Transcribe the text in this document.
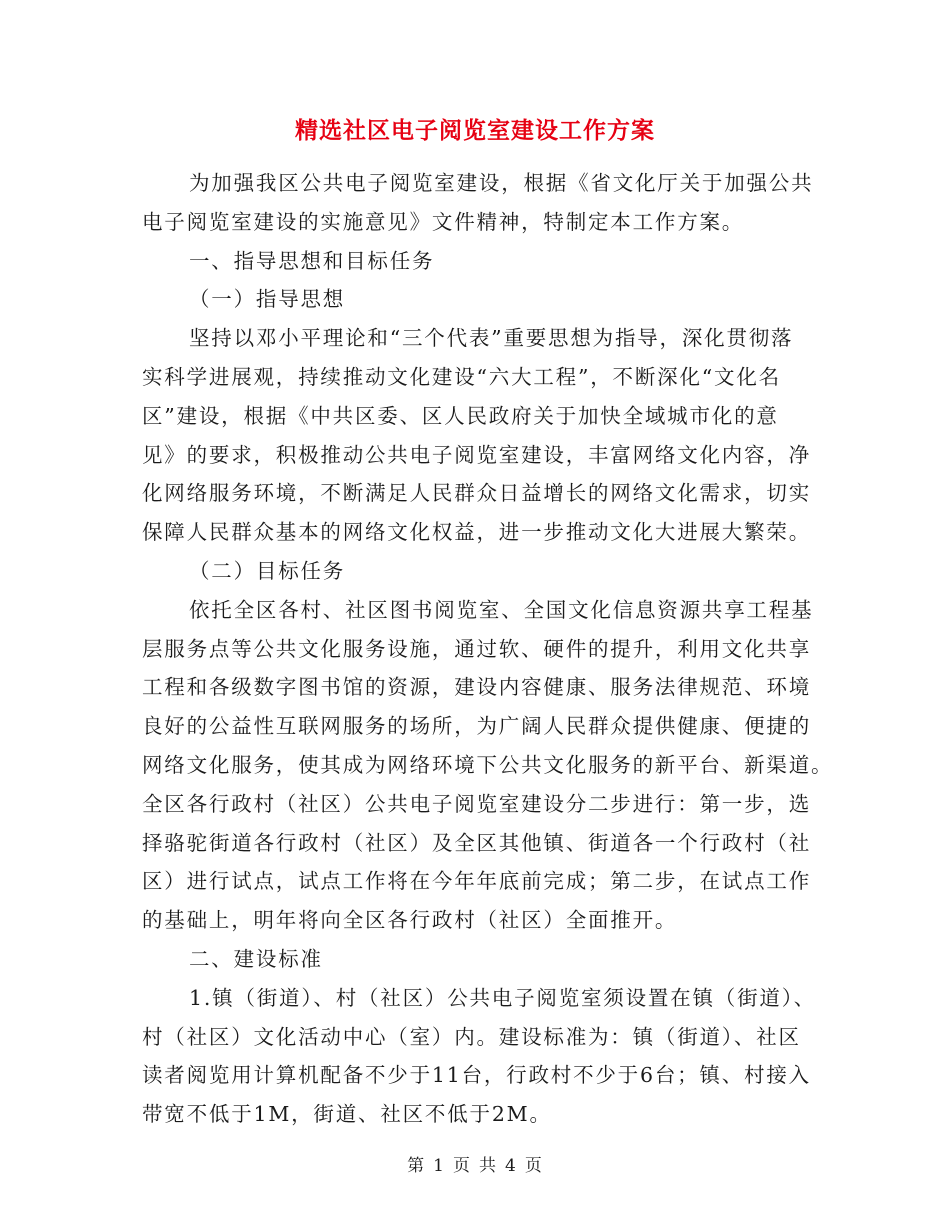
精选社区电子阅览室建设工作方案
为加强我区公共电子阅览室建设，根据《省文化厅关于加强公共
电子阅览室建设的实施意见》文件精神，特制定本工作方案。
一、指导思想和目标任务
（一）指导思想
坚持以邓小平理论和“三个代表”重要思想为指导，深化贯彻落
实科学进展观，持续推动文化建设“六大工程”，不断深化“文化名
区”建设，根据《中共区委、区人民政府关于加快全域城市化的意
见》的要求，积极推动公共电子阅览室建设，丰富网络文化内容，净
化网络服务环境，不断满足人民群众日益增长的网络文化需求，切实
保障人民群众基本的网络文化权益，进一步推动文化大进展大繁荣。
（二）目标任务
依托全区各村、社区图书阅览室、全国文化信息资源共享工程基
层服务点等公共文化服务设施，通过软、硬件的提升，利用文化共享
工程和各级数字图书馆的资源，建设内容健康、服务法律规范、环境
良好的公益性互联网服务的场所，为广阔人民群众提供健康、便捷的
网络文化服务，使其成为网络环境下公共文化服务的新平台、新渠道。
全区各行政村（社区）公共电子阅览室建设分二步进行：第一步，选
择骆驼街道各行政村（社区）及全区其他镇、街道各一个行政村（社
区）进行试点，试点工作将在今年年底前完成；第二步，在试点工作
的基础上，明年将向全区各行政村（社区）全面推开。
二、建设标准
1.镇（街道）、村（社区）公共电子阅览室须设置在镇（街道）、
村（社区）文化活动中心（室）内。建设标准为：镇（街道）、社区
读者阅览用计算机配备不少于11台，行政村不少于6台；镇、村接入
带宽不低于1M，街道、社区不低于2M。
第 1 页 共 4 页
